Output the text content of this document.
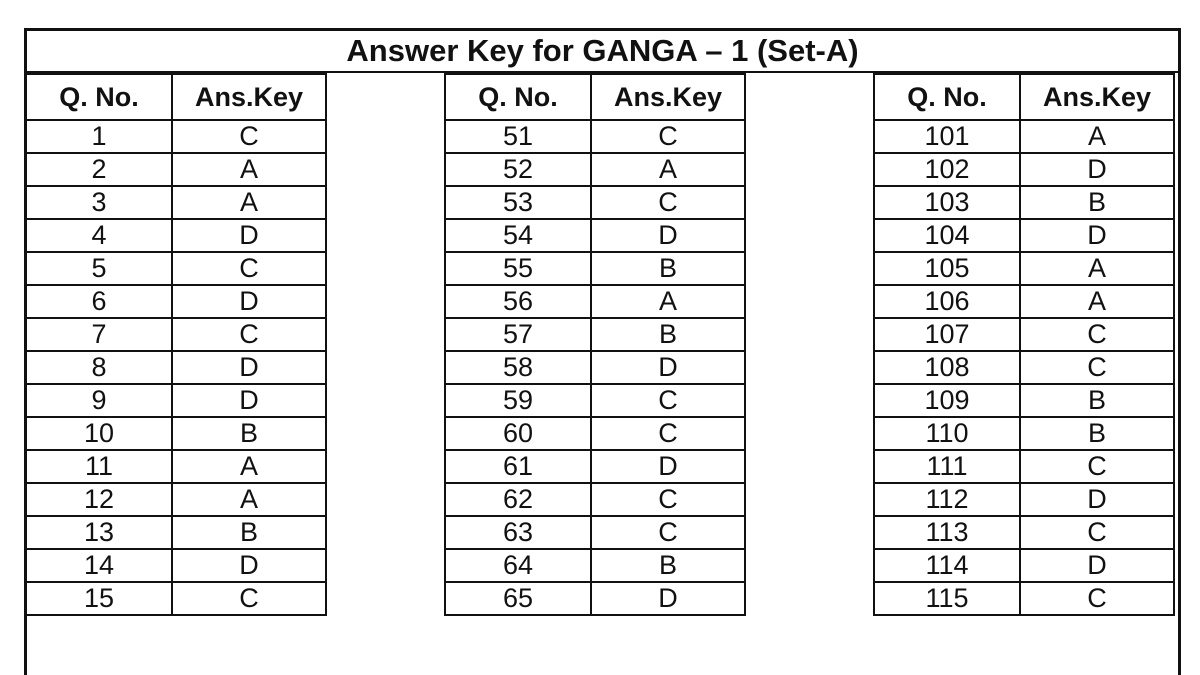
Answer Key for GANGA – 1 (Set-A)
Q. No.	Ans.Key
1	C
2	A
3	A
4	D
5	C
6	D
7	C
8	D
9	D
10	B
11	A
12	A
13	B
14	D
15	C
Q. No.	Ans.Key
51	C
52	A
53	C
54	D
55	B
56	A
57	B
58	D
59	C
60	C
61	D
62	C
63	C
64	B
65	D
Q. No.	Ans.Key
101	A
102	D
103	B
104	D
105	A
106	A
107	C
108	C
109	B
110	B
111	C
112	D
113	C
114	D
115	C
